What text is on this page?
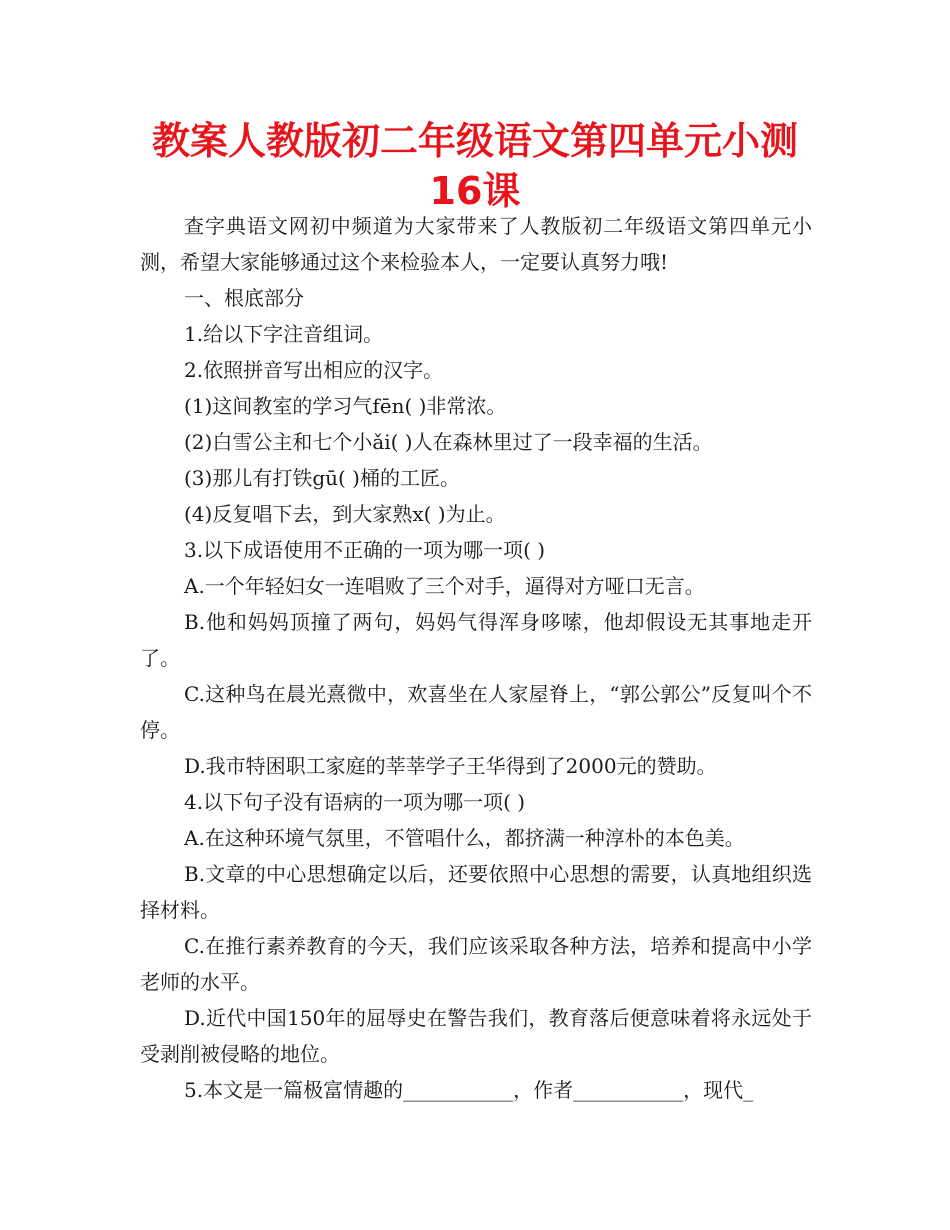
教案人教版初二年级语文第四单元小测16课

查字典语文网初中频道为大家带来了人教版初二年级语文第四单元小测，希望大家能够通过这个来检验本人，一定要认真努力哦!

一、根底部分

1.给以下字注音组词。

2.依照拼音写出相应的汉字。

(1)这间教室的学习气fēn( )非常浓。

(2)白雪公主和七个小ǎi( )人在森林里过了一段幸福的生活。

(3)那儿有打铁gū( )桶的工匠。

(4)反复唱下去，到大家熟x( )为止。

3.以下成语使用不正确的一项为哪一项( )

A.一个年轻妇女一连唱败了三个对手，逼得对方哑口无言。

B.他和妈妈顶撞了两句，妈妈气得浑身哆嗦，他却假设无其事地走开了。

C.这种鸟在晨光熹微中，欢喜坐在人家屋脊上，“郭公郭公”反复叫个不停。

D.我市特困职工家庭的莘莘学子王华得到了2000元的赞助。

4.以下句子没有语病的一项为哪一项( )

A.在这种环境气氛里，不管唱什么，都挤满一种淳朴的本色美。

B.文章的中心思想确定以后，还要依照中心思想的需要，认真地组织选择材料。

C.在推行素养教育的今天，我们应该采取各种方法，培养和提高中小学老师的水平。

D.近代中国150年的屈辱史在警告我们，教育落后便意味着将永远处于受剥削被侵略的地位。

5.本文是一篇极富情趣的___________，作者___________，现代_
